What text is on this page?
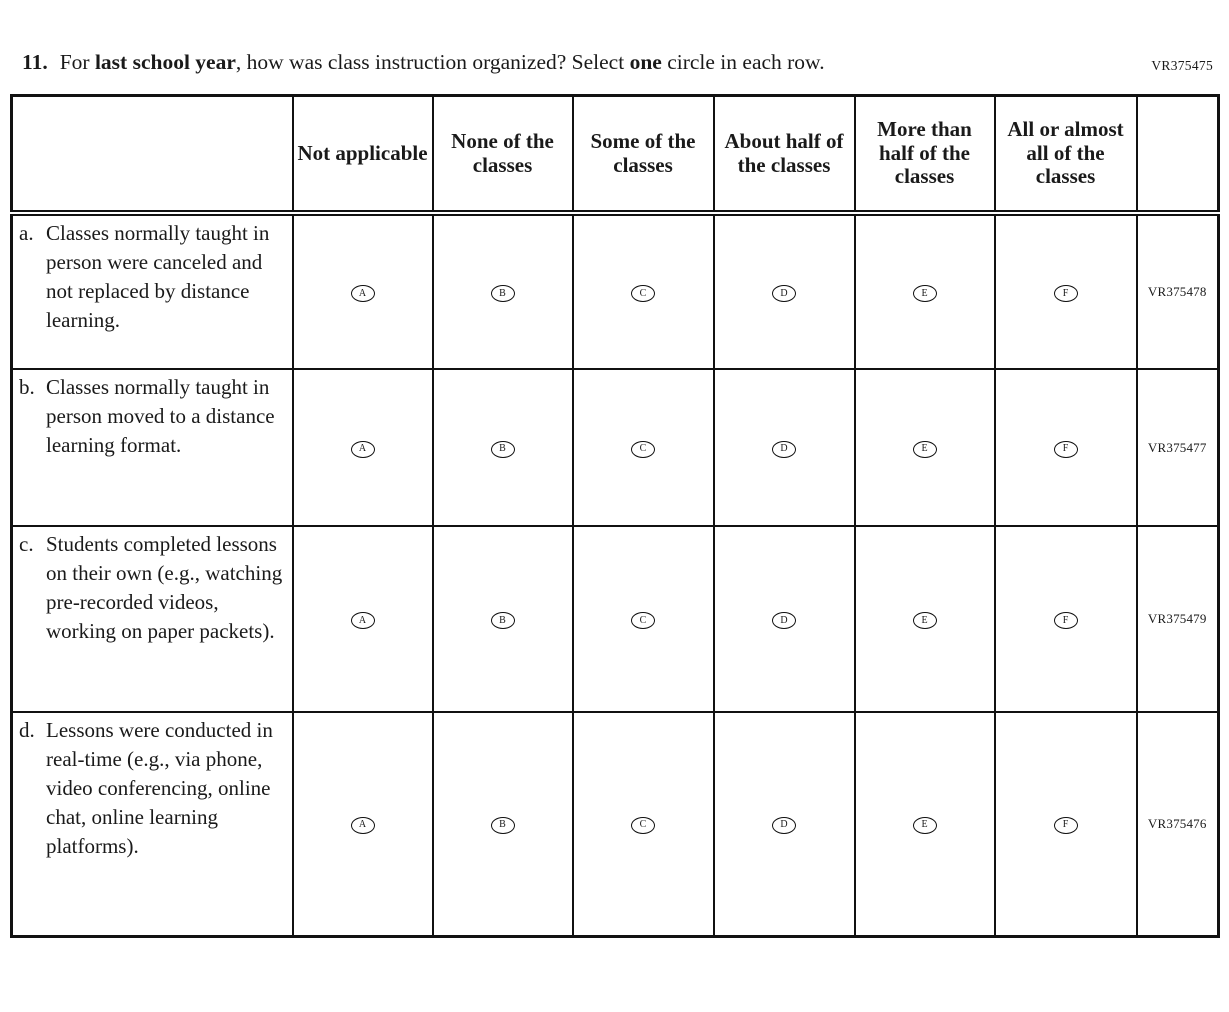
VR375475
11. For last school year, how was class instruction organized? Select one circle in each row.
	Not applicable	None of the classes	Some of the classes	About half of the classes	More than half of the classes	All or almost all of the classes	

a. Classes normally taught in person were canceled and not replaced by distance learning.	A	B	C	D	E	F	VR375478

b. Classes normally taught in person moved to a distance learning format.	A	B	C	D	E	F	VR375477

c. Students completed lessons on their own (e.g., watching pre-recorded videos, working on paper packets).	A	B	C	D	E	F	VR375479

d. Lessons were conducted in real-time (e.g., via phone, video conferencing, online chat, online learning platforms).	A	B	C	D	E	F	VR375476
